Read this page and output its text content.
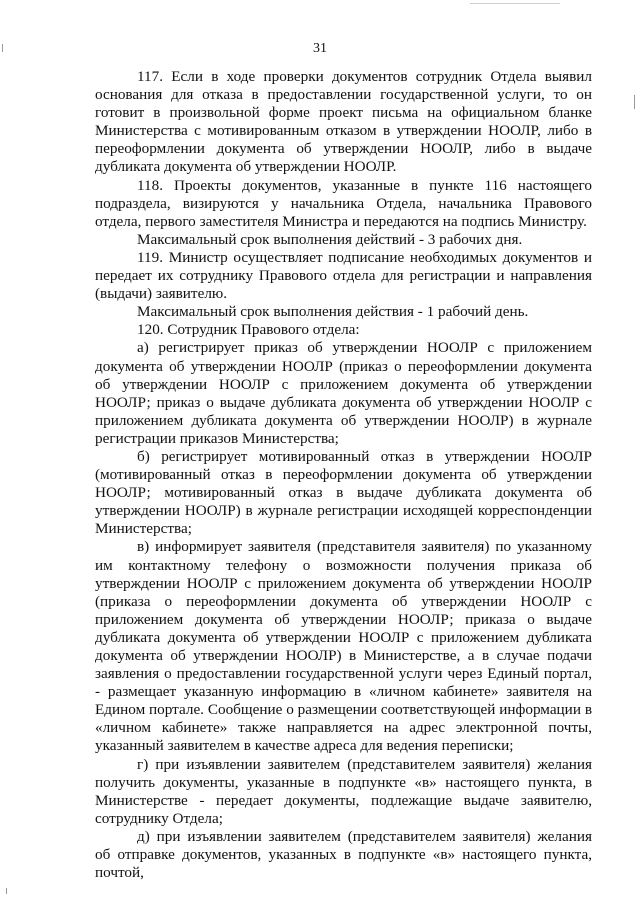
31

117. Если в ходе проверки документов сотрудник Отдела выявил основания для отказа в предоставлении государственной услуги, то он готовит в произвольной форме проект письма на официальном бланке Министерства с мотивированным отказом в утверждении НООЛР, либо в переоформлении документа об утверждении НООЛР, либо в выдаче дубликата документа об утверждении НООЛР.

118. Проекты документов, указанные в пункте 116 настоящего подраздела, визируются у начальника Отдела, начальника Правового отдела, первого заместителя Министра и передаются на подпись Министру.

Максимальный срок выполнения действий - 3 рабочих дня.

119. Министр осуществляет подписание необходимых документов и передает их сотруднику Правового отдела для регистрации и направления (выдачи) заявителю.

Максимальный срок выполнения действия - 1 рабочий день.

120. Сотрудник Правового отдела:

а) регистрирует приказ об утверждении НООЛР с приложением документа об утверждении НООЛР (приказ о переоформлении документа об утверждении НООЛР с приложением документа об утверждении НООЛР; приказ о выдаче дубликата документа об утверждении НООЛР с приложением дубликата документа об утверждении НООЛР) в журнале регистрации приказов Министерства;

б) регистрирует мотивированный отказ в утверждении НООЛР (мотивированный отказ в переоформлении документа об утверждении НООЛР; мотивированный отказ в выдаче дубликата документа об утверждении НООЛР) в журнале регистрации исходящей корреспонденции Министерства;

в) информирует заявителя (представителя заявителя) по указанному им контактному телефону о возможности получения приказа об утверждении НООЛР с приложением документа об утверждении НООЛР (приказа о переоформлении документа об утверждении НООЛР с приложением документа об утверждении НООЛР; приказа о выдаче дубликата документа об утверждении НООЛР с приложением дубликата документа об утверждении НООЛР) в Министерстве, а в случае подачи заявления о предоставлении государственной услуги через Единый портал, - размещает указанную информацию в «личном кабинете» заявителя на Едином портале. Сообщение о размещении соответствующей информации в «личном кабинете» также направляется на адрес электронной почты, указанный заявителем в качестве адреса для ведения переписки;

г) при изъявлении заявителем (представителем заявителя) желания получить документы, указанные в подпункте «в» настоящего пункта, в Министерстве - передает документы, подлежащие выдаче заявителю, сотруднику Отдела;

д) при изъявлении заявителем (представителем заявителя) желания об отправке документов, указанных в подпункте «в» настоящего пункта, почтой,
